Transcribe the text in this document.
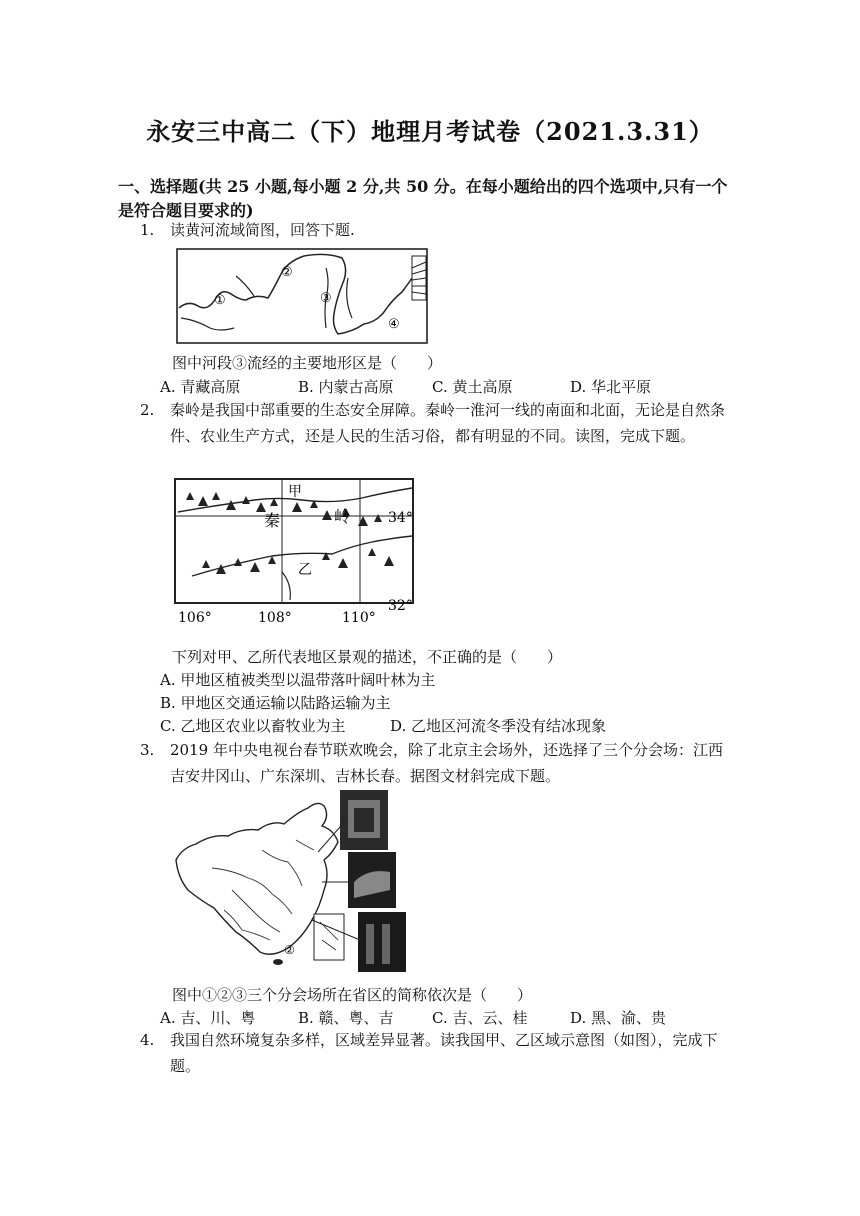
永安三中高二（下）地理月考试卷（2021.3.31）
一、选择题(共 25 小题,每小题 2 分,共 50 分。在每小题给出的四个选项中,只有一个是符合题目要求的)
1.	读黄河流域简图，回答下题.
①
②
③
④
图中河段③流经的主要地形区是（　　）
A. 青藏高原	B. 内蒙古高原	C. 黄土高原	D. 华北平原
2.	秦岭是我国中部重要的生态安全屏障。秦岭一淮河一线的南面和北面，无论是自然条件、农业生产方式，还是人民的生活习俗，都有明显的不同。读图，完成下题。
甲
乙
秦	岭	34°
32°
106°	108°	110°
下列对甲、乙所代表地区景观的描述，不正确的是（　　）
A. 甲地区植被类型以温带落叶阔叶林为主
B. 甲地区交通运输以陆路运输为主
C. 乙地区农业以畜牧业为主	D. 乙地区河流冬季没有结冰现象
3.	2019 年中央电视台春节联欢晚会，除了北京主会场外，还选择了三个分会场：江西吉安井冈山、广东深圳、吉林长春。据图文材斜完成下题。
②
图中①②③三个分会场所在省区的简称依次是（　　）
A. 吉、川、粤	B. 赣、粤、吉	C. 吉、云、桂	D. 黑、渝、贵
4.	我国自然环境复杂多样，区域差异显著。读我国甲、乙区域示意图（如图），完成下题。
